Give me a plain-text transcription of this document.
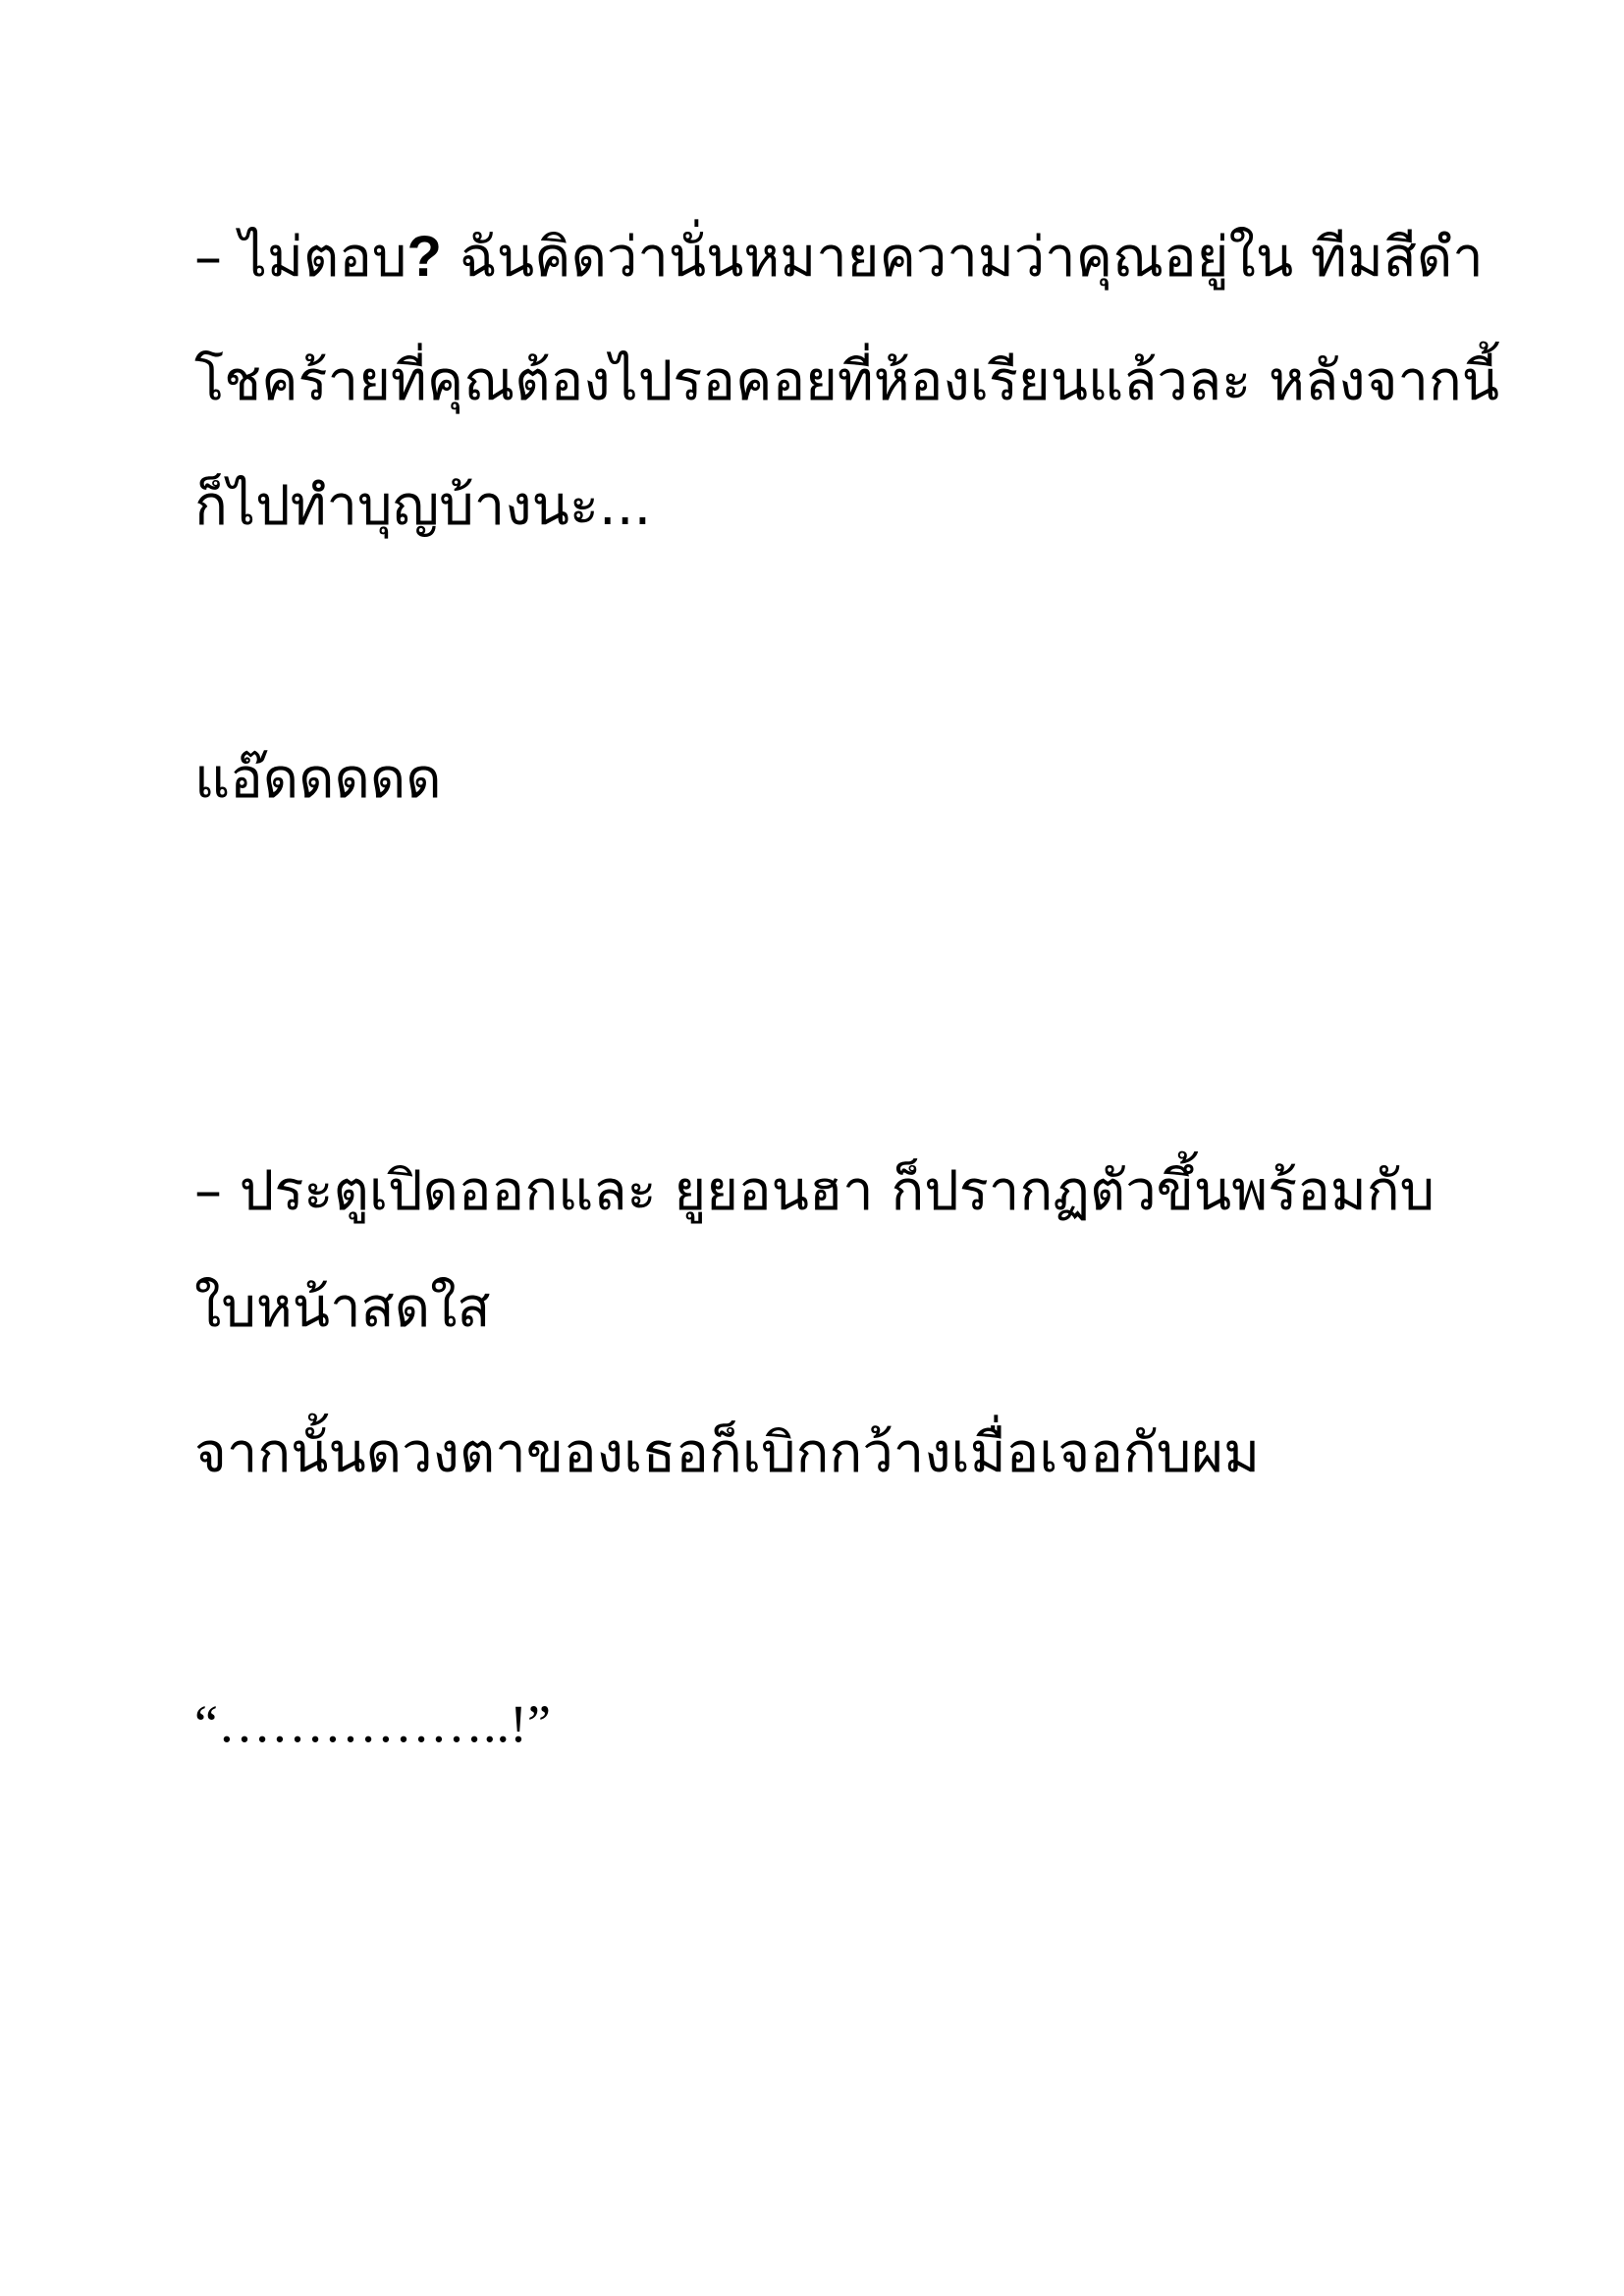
– ไม่ตอบ? ฉันคิดว่านั่นหมายความว่าคุณอยู่ใน ทีมสีดำ

โชคร้ายที่คุณต้องไปรอคอยที่ห้องเรียนแล้วละ หลังจากนี้

ก็ไปทำบุญบ้างนะ...

แอ๊ดดดดด

– ประตูเปิดออกและ ยูยอนฮา ก็ปรากฏตัวขึ้นพร้อมกับ

ใบหน้าสดใส

จากนั้นดวงตาของเธอก็เบิกกว้างเมื่อเจอกับผม

“……………..!”
